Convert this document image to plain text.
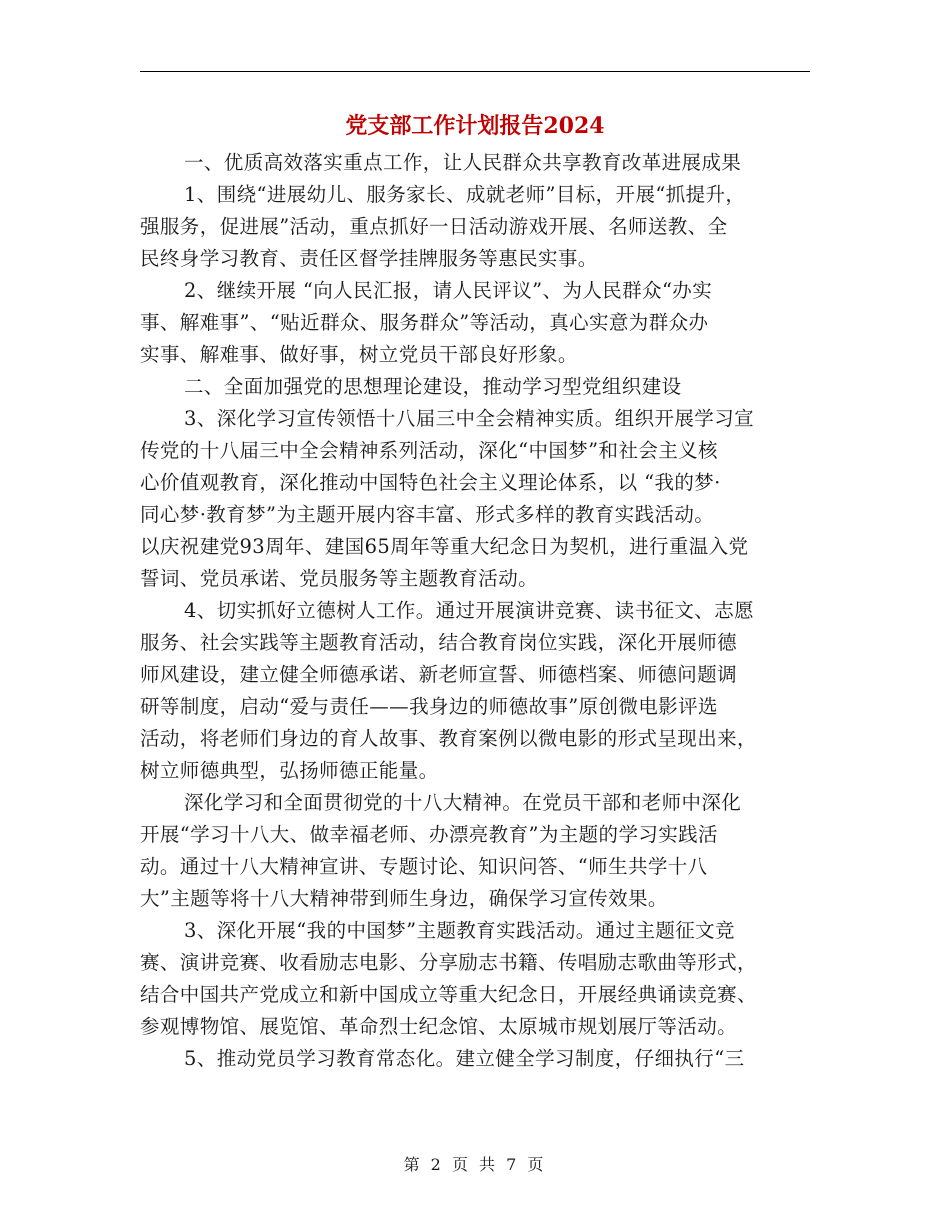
党支部工作计划报告2024

一、优质高效落实重点工作，让人民群众共享教育改革进展成果

1、围绕“进展幼儿、服务家长、成就老师”目标，开展“抓提升，
强服务，促进展”活动，重点抓好一日活动游戏开展、名师送教、全
民终身学习教育、责任区督学挂牌服务等惠民实事。

2、继续开展 “向人民汇报，请人民评议”、为人民群众“办实
事、解难事”、“贴近群众、服务群众”等活动，真心实意为群众办
实事、解难事、做好事，树立党员干部良好形象。

二、全面加强党的思想理论建设，推动学习型党组织建设

3、深化学习宣传领悟十八届三中全会精神实质。组织开展学习宣
传党的十八届三中全会精神系列活动，深化“中国梦”和社会主义核
心价值观教育，深化推动中国特色社会主义理论体系，以 “我的梦·
同心梦·教育梦”为主题开展内容丰富、形式多样的教育实践活动。
以庆祝建党93周年、建国65周年等重大纪念日为契机，进行重温入党
誓词、党员承诺、党员服务等主题教育活动。

4、切实抓好立德树人工作。通过开展演讲竞赛、读书征文、志愿
服务、社会实践等主题教育活动，结合教育岗位实践，深化开展师德
师风建设，建立健全师德承诺、新老师宣誓、师德档案、师德问题调
研等制度，启动“爱与责任——我身边的师德故事”原创微电影评选
活动，将老师们身边的育人故事、教育案例以微电影的形式呈现出来，
树立师德典型，弘扬师德正能量。

深化学习和全面贯彻党的十八大精神。在党员干部和老师中深化
开展“学习十八大、做幸福老师、办漂亮教育”为主题的学习实践活
动。通过十八大精神宣讲、专题讨论、知识问答、“师生共学十八
大”主题等将十八大精神带到师生身边，确保学习宣传效果。

3、深化开展“我的中国梦”主题教育实践活动。通过主题征文竞
赛、演讲竞赛、收看励志电影、分享励志书籍、传唱励志歌曲等形式，
结合中国共产党成立和新中国成立等重大纪念日，开展经典诵读竞赛、
参观博物馆、展览馆、革命烈士纪念馆、太原城市规划展厅等活动。

5、推动党员学习教育常态化。建立健全学习制度，仔细执行“三

第 2 页 共 7 页
